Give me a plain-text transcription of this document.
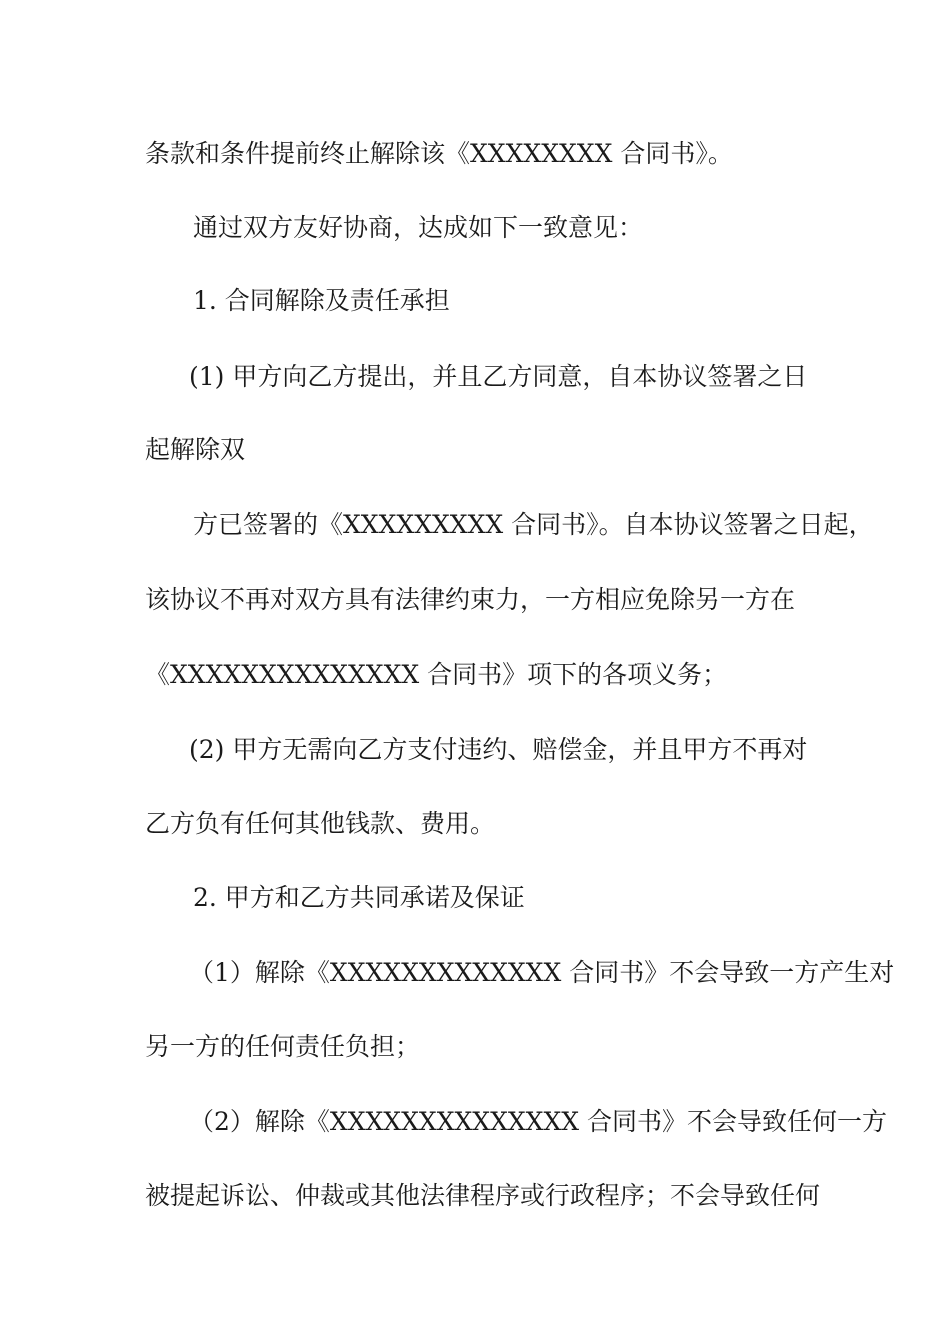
条款和条件提前终止解除该《XXXXXXXX 合同书》。
通过双方友好协商，达成如下一致意见：
1. 合同解除及责任承担
(1) 甲方向乙方提出，并且乙方同意，自本协议签署之日
起解除双
方已签署的《XXXXXXXXX 合同书》。自本协议签署之日起，
该协议不再对双方具有法律约束力，一方相应免除另一方在
《XXXXXXXXXXXXXX 合同书》项下的各项义务；
(2) 甲方无需向乙方支付违约、赔偿金，并且甲方不再对
乙方负有任何其他钱款、费用。
2. 甲方和乙方共同承诺及保证
（1）解除《XXXXXXXXXXXXX 合同书》不会导致一方产生对
另一方的任何责任负担；
（2）解除《XXXXXXXXXXXXXX 合同书》不会导致任何一方
被提起诉讼、仲裁或其他法律程序或行政程序；不会导致任何
